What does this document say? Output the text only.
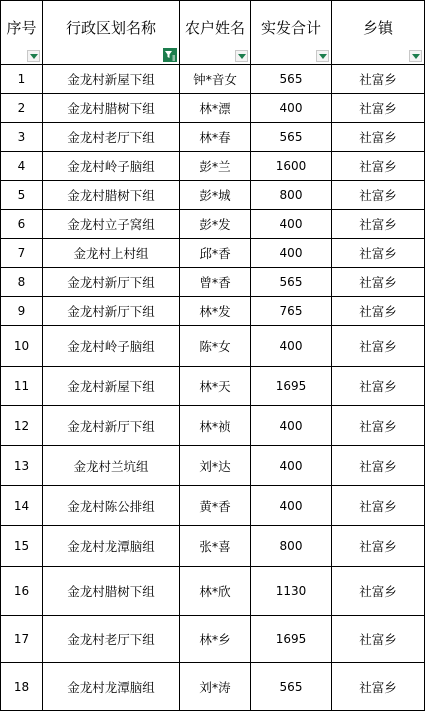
序号	行政区划名称	农户姓名	实发合计	乡镇

1	金龙村新屋下组	钟*音女	565	社富乡
2	金龙村腊树下组	林*漂	400	社富乡
3	金龙村老厅下组	林*春	565	社富乡
4	金龙村岭子脑组	彭*兰	1600	社富乡
5	金龙村腊树下组	彭*城	800	社富乡
6	金龙村立子窝组	彭*发	400	社富乡
7	金龙村上村组	邱*香	400	社富乡
8	金龙村新厅下组	曾*香	565	社富乡
9	金龙村新厅下组	林*发	765	社富乡
10	金龙村岭子脑组	陈*女	400	社富乡
11	金龙村新屋下组	林*天	1695	社富乡
12	金龙村新厅下组	林*祯	400	社富乡
13	金龙村兰坑组	刘*达	400	社富乡
14	金龙村陈公排组	黄*香	400	社富乡
15	金龙村龙潭脑组	张*喜	800	社富乡
16	金龙村腊树下组	林*欣	1130	社富乡
17	金龙村老厅下组	林*乡	1695	社富乡
18	金龙村龙潭脑组	刘*涛	565	社富乡
